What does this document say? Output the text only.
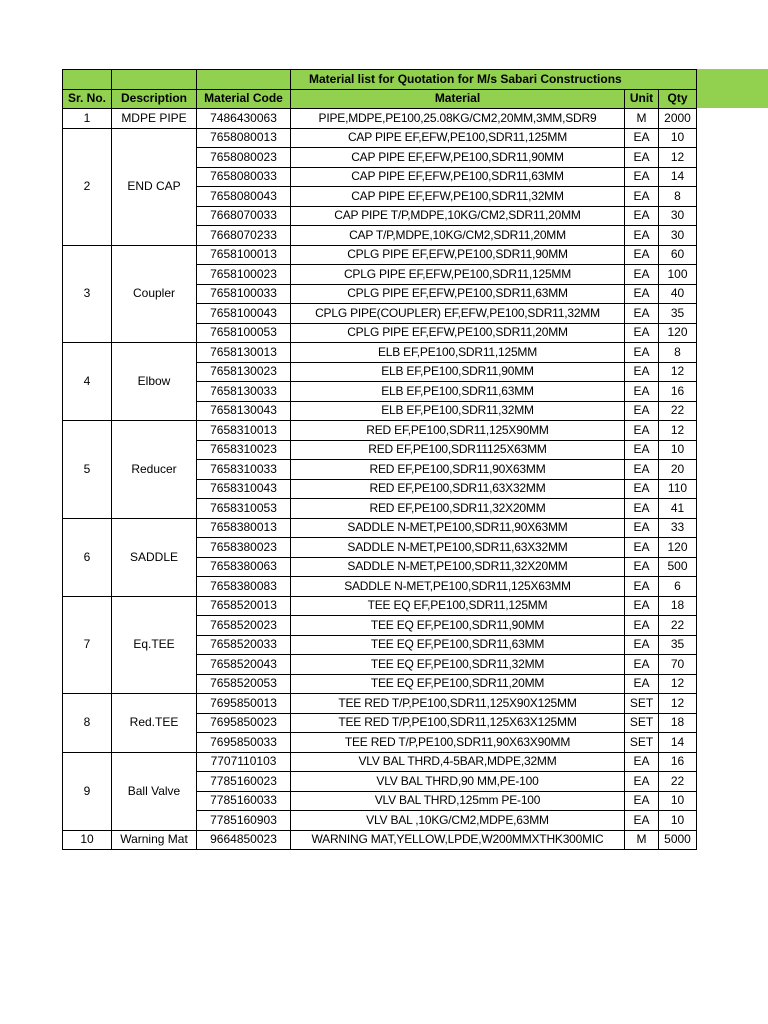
			Material list for Quotation for M/s Sabari Constructions		
Sr. No.	Description	Material Code	Material	Unit	Qty
1	MDPE PIPE	7486430063	PIPE,MDPE,PE100,25.08KG/CM2,20MM,3MM,SDR9	M	2000
2	END CAP	7658080013	CAP PIPE EF,EFW,PE100,SDR11,125MM	EA	10
		7658080023	CAP PIPE EF,EFW,PE100,SDR11,90MM	EA	12
		7658080033	CAP PIPE EF,EFW,PE100,SDR11,63MM	EA	14
		7658080043	CAP PIPE EF,EFW,PE100,SDR11,32MM	EA	8
		7668070033	CAP PIPE T/P,MDPE,10KG/CM2,SDR11,20MM	EA	30
		7668070233	CAP T/P,MDPE,10KG/CM2,SDR11,20MM	EA	30
3	Coupler	7658100013	CPLG PIPE EF,EFW,PE100,SDR11,90MM	EA	60
		7658100023	CPLG PIPE EF,EFW,PE100,SDR11,125MM	EA	100
		7658100033	CPLG PIPE EF,EFW,PE100,SDR11,63MM	EA	40
		7658100043	CPLG PIPE(COUPLER) EF,EFW,PE100,SDR11,32MM	EA	35
		7658100053	CPLG PIPE EF,EFW,PE100,SDR11,20MM	EA	120
4	Elbow	7658130013	ELB EF,PE100,SDR11,125MM	EA	8
		7658130023	ELB EF,PE100,SDR11,90MM	EA	12
		7658130033	ELB EF,PE100,SDR11,63MM	EA	16
		7658130043	ELB EF,PE100,SDR11,32MM	EA	22
5	Reducer	7658310013	RED EF,PE100,SDR11,125X90MM	EA	12
		7658310023	RED EF,PE100,SDR11125X63MM	EA	10
		7658310033	RED EF,PE100,SDR11,90X63MM	EA	20
		7658310043	RED EF,PE100,SDR11,63X32MM	EA	110
		7658310053	RED EF,PE100,SDR11,32X20MM	EA	41
6	SADDLE	7658380013	SADDLE N-MET,PE100,SDR11,90X63MM	EA	33
		7658380023	SADDLE N-MET,PE100,SDR11,63X32MM	EA	120
		7658380063	SADDLE N-MET,PE100,SDR11,32X20MM	EA	500
		7658380083	SADDLE N-MET,PE100,SDR11,125X63MM	EA	6
7	Eq.TEE	7658520013	TEE EQ EF,PE100,SDR11,125MM	EA	18
		7658520023	TEE EQ EF,PE100,SDR11,90MM	EA	22
		7658520033	TEE EQ EF,PE100,SDR11,63MM	EA	35
		7658520043	TEE EQ EF,PE100,SDR11,32MM	EA	70
		7658520053	TEE EQ EF,PE100,SDR11,20MM	EA	12
8	Red.TEE	7695850013	TEE RED T/P,PE100,SDR11,125X90X125MM	SET	12
		7695850023	TEE RED T/P,PE100,SDR11,125X63X125MM	SET	18
		7695850033	TEE RED T/P,PE100,SDR11,90X63X90MM	SET	14
9	Ball Valve	7707110103	VLV BAL THRD,4-5BAR,MDPE,32MM	EA	16
		7785160023	VLV BAL THRD,90 MM,PE-100	EA	22
		7785160033	VLV BAL THRD,125mm PE-100	EA	10
		7785160903	VLV BAL ,10KG/CM2,MDPE,63MM	EA	10
10	Warning Mat	9664850023	WARNING MAT,YELLOW,LPDE,W200MMXTHK300MIC	M	5000
